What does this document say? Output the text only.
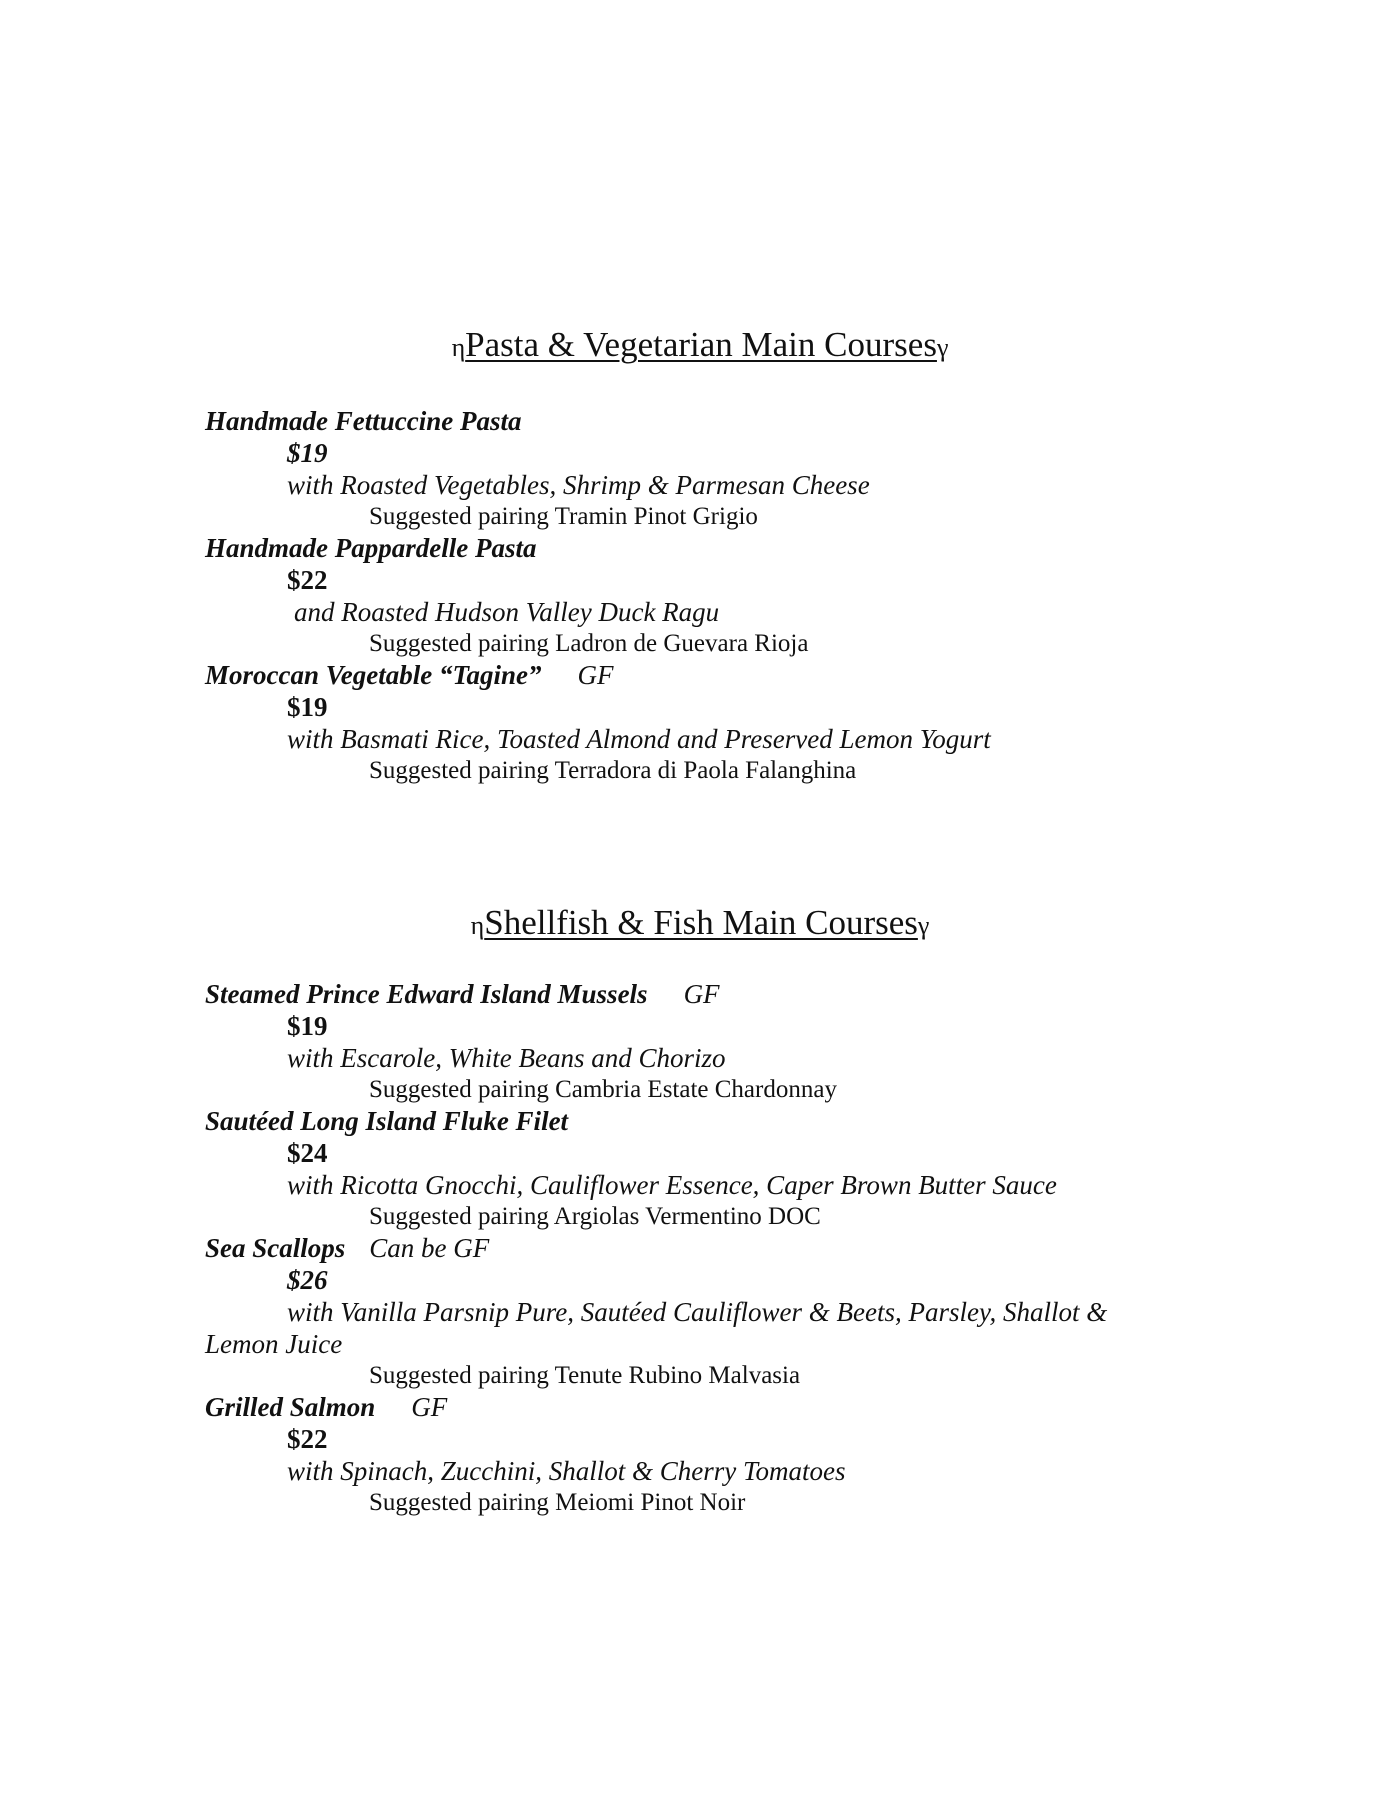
ηPasta & Vegetarian Main Coursesγ
Handmade Fettuccine Pasta
$19
with Roasted Vegetables, Shrimp & Parmesan Cheese
Suggested pairing Tramin Pinot Grigio
Handmade Pappardelle Pasta
$22
and Roasted Hudson Valley Duck Ragu
Suggested pairing Ladron de Guevara Rioja
Moroccan Vegetable “Tagine” GF
$19
with Basmati Rice, Toasted Almond and Preserved Lemon Yogurt
Suggested pairing Terradora di Paola Falanghina
ηShellfish & Fish Main Coursesγ
Steamed Prince Edward Island Mussels GF
$19
with Escarole, White Beans and Chorizo
Suggested pairing Cambria Estate Chardonnay
Sautéed Long Island Fluke Filet
$24
with Ricotta Gnocchi, Cauliflower Essence, Caper Brown Butter Sauce
Suggested pairing Argiolas Vermentino DOC
Sea Scallops Can be GF
$26
with Vanilla Parsnip Pure, Sautéed Cauliflower & Beets, Parsley, Shallot &
Lemon Juice
Suggested pairing Tenute Rubino Malvasia
Grilled Salmon GF
$22
with Spinach, Zucchini, Shallot & Cherry Tomatoes
Suggested pairing Meiomi Pinot Noir
